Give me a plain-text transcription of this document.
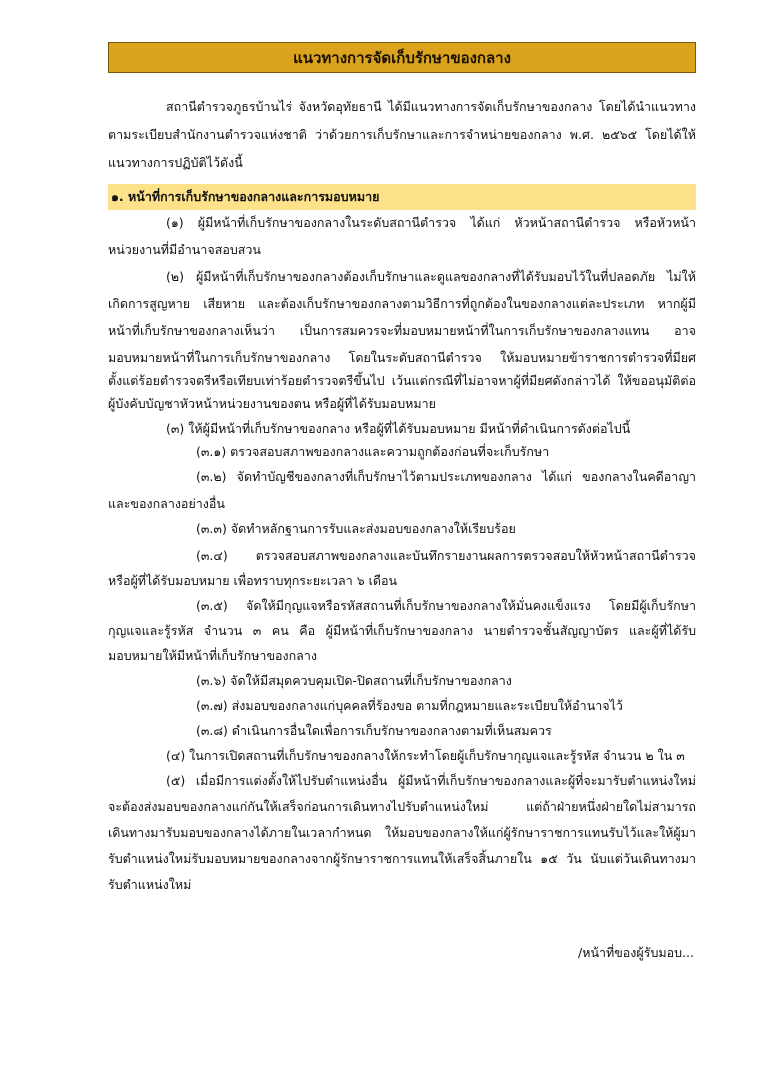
แนวทางการจัดเก็บรักษาของกลาง
สถานีตำรวจภูธรบ้านไร่ จังหวัดอุทัยธานี ได้มีแนวทางการจัดเก็บรักษาของกลาง โดยได้นำแนวทาง
ตามระเบียบสำนักงานตำรวจแห่งชาติ ว่าด้วยการเก็บรักษาและการจำหน่ายของกลาง พ.ศ. ๒๕๖๕ โดยได้ให้
แนวทางการปฏิบัติไว้ดังนี้
๑. หน้าที่การเก็บรักษาของกลางและการมอบหมาย
(๑) ผู้มีหน้าที่เก็บรักษาของกลางในระดับสถานีตำรวจ ได้แก่ หัวหน้าสถานีตำรวจ หรือหัวหน้า
หน่วยงานที่มีอำนาจสอบสวน
(๒) ผู้มีหน้าที่เก็บรักษาของกลางต้องเก็บรักษาและดูแลของกลางที่ได้รับมอบไว้ในที่ปลอดภัย ไม่ให้
เกิดการสูญหาย เสียหาย และต้องเก็บรักษาของกลางตามวิธีการที่ถูกต้องในของกลางแต่ละประเภท หากผู้มี
หน้าที่เก็บรักษาของกลางเห็นว่า เป็นการสมควรจะที่มอบหมายหน้าที่ในการเก็บรักษาของกลางแทน อาจ
มอบหมายหน้าที่ในการเก็บรักษาของกลาง โดยในระดับสถานีตำรวจ ให้มอบหมายข้าราชการตำรวจที่มียศ
ตั้งแต่ร้อยตำรวจตรีหรือเทียบเท่าร้อยตำรวจตรีขึ้นไป เว้นแต่กรณีที่ไม่อาจหาผู้ที่มียศดังกล่าวได้ ให้ขออนุมัติต่อ
ผู้บังคับบัญชาหัวหน้าหน่วยงานของตน หรือผู้ที่ได้รับมอบหมาย
(๓) ให้ผู้มีหน้าที่เก็บรักษาของกลาง หรือผู้ที่ได้รับมอบหมาย มีหน้าที่ดำเนินการดังต่อไปนี้
(๓.๑) ตรวจสอบสภาพของกลางและความถูกต้องก่อนที่จะเก็บรักษา
(๓.๒) จัดทำบัญชีของกลางที่เก็บรักษาไว้ตามประเภทของกลาง ได้แก่ ของกลางในคดีอาญา
และของกลางอย่างอื่น
(๓.๓) จัดทำหลักฐานการรับและส่งมอบของกลางให้เรียบร้อย
(๓.๔) ตรวจสอบสภาพของกลางและบันทึกรายงานผลการตรวจสอบให้หัวหน้าสถานีตำรวจ
หรือผู้ที่ได้รับมอบหมาย เพื่อทราบทุกระยะเวลา ๖ เดือน
(๓.๕) จัดให้มีกุญแจหรือรหัสสถานที่เก็บรักษาของกลางให้มั่นคงแข็งแรง โดยมีผู้เก็บรักษา
กุญแจและรู้รหัส จำนวน ๓ คน คือ ผู้มีหน้าที่เก็บรักษาของกลาง นายตำรวจชั้นสัญญาบัตร และผู้ที่ได้รับ
มอบหมายให้มีหน้าที่เก็บรักษาของกลาง
(๓.๖) จัดให้มีสมุดควบคุมเปิด-ปิดสถานที่เก็บรักษาของกลาง
(๓.๗) ส่งมอบของกลางแก่บุคคลที่ร้องขอ ตามที่กฎหมายและระเบียบให้อำนาจไว้
(๓.๘) ดำเนินการอื่นใดเพื่อการเก็บรักษาของกลางตามที่เห็นสมควร
(๔) ในการเปิดสถานที่เก็บรักษาของกลางให้กระทำโดยผู้เก็บรักษากุญแจและรู้รหัส จำนวน ๒ ใน ๓
(๕) เมื่อมีการแต่งตั้งให้ไปรับตำแหน่งอื่น ผู้มีหน้าที่เก็บรักษาของกลางและผู้ที่จะมารับตำแหน่งใหม่
จะต้องส่งมอบของกลางแก่กันให้เสร็จก่อนการเดินทางไปรับตำแหน่งใหม่ แต่ถ้าฝ่ายหนึ่งฝ่ายใดไม่สามารถ
เดินทางมารับมอบของกลางได้ภายในเวลากำหนด ให้มอบของกลางให้แก่ผู้รักษาราชการแทนรับไว้และให้ผู้มา
รับตำแหน่งใหม่รับมอบหมายของกลางจากผู้รักษาราชการแทนให้เสร็จสิ้นภายใน ๑๕ วัน นับแต่วันเดินทางมา
รับตำแหน่งใหม่
/หน้าที่ของผู้รับมอบ...
